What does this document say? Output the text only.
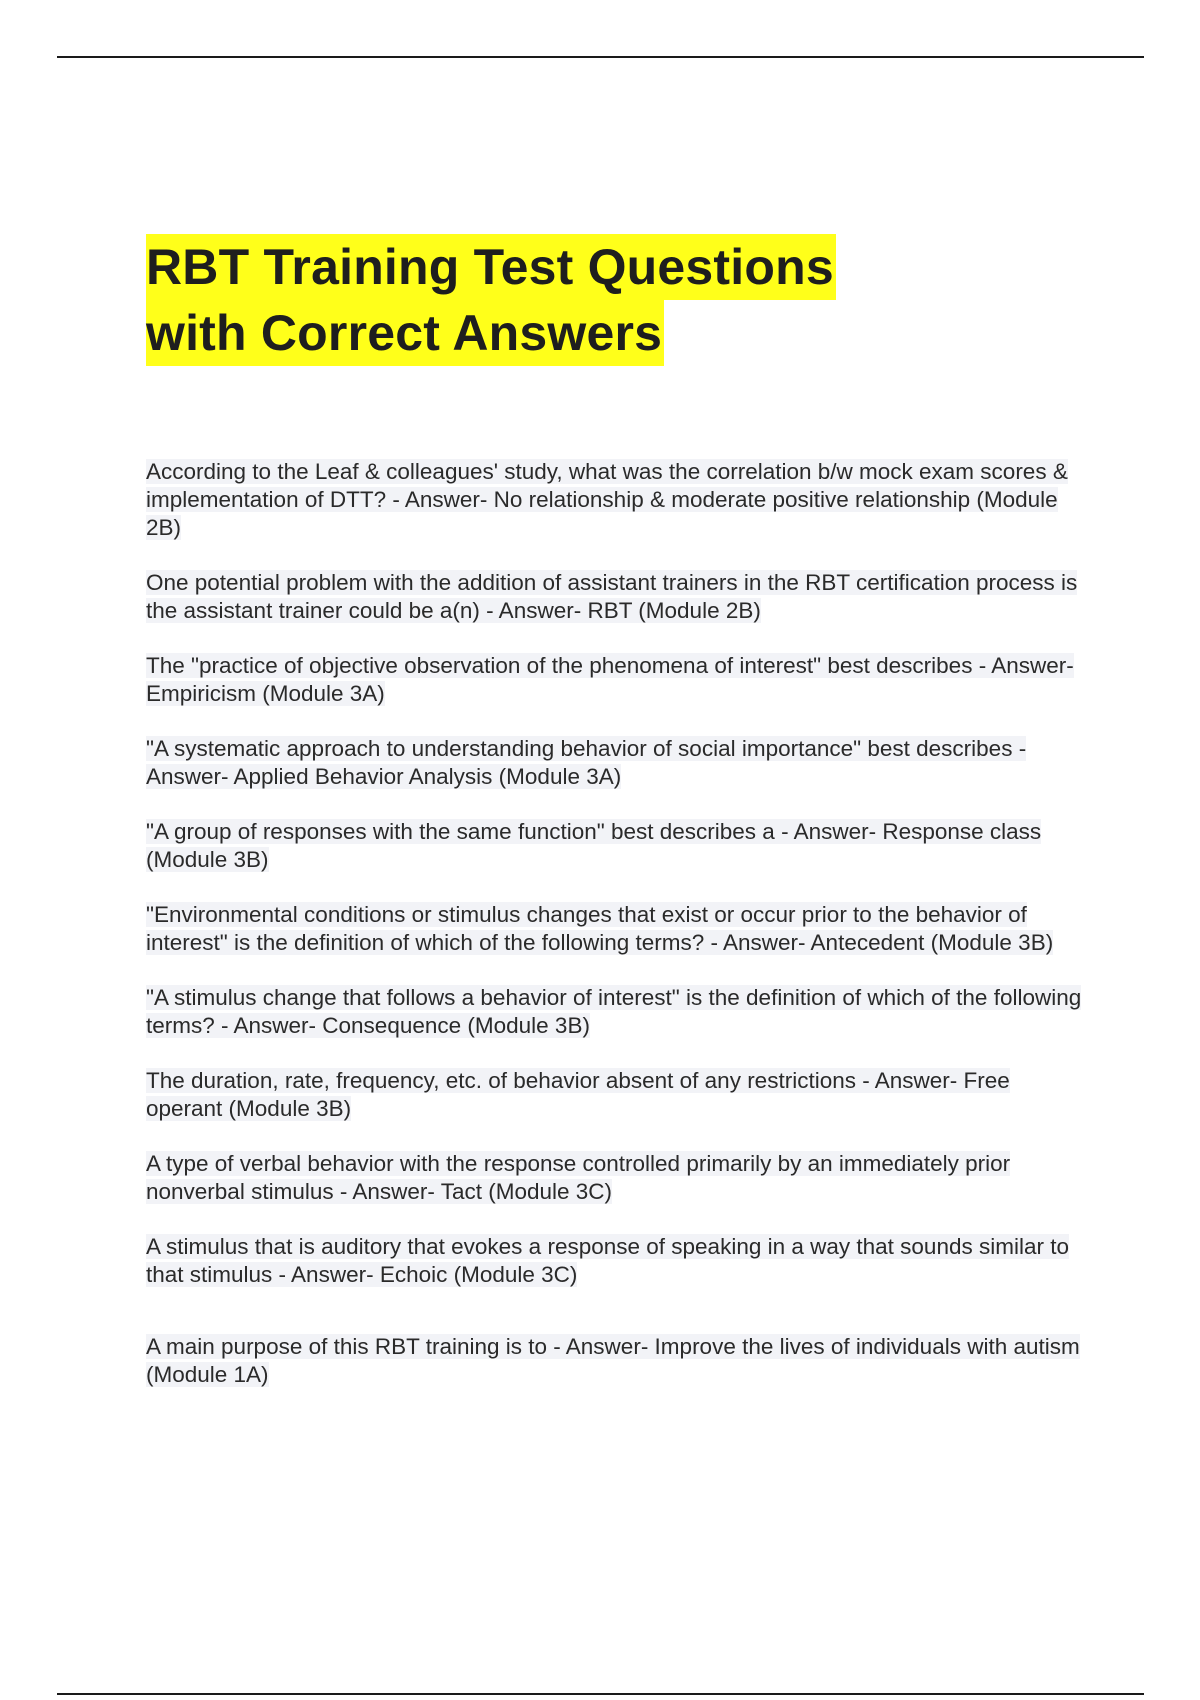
RBT Training Test Questions
with Correct Answers

According to the Leaf & colleagues' study, what was the correlation b/w mock exam scores & implementation of DTT? - Answer- No relationship & moderate positive relationship (Module 2B)

One potential problem with the addition of assistant trainers in the RBT certification process is the assistant trainer could be a(n) - Answer- RBT (Module 2B)

The "practice of objective observation of the phenomena of interest" best describes - Answer- Empiricism (Module 3A)

"A systematic approach to understanding behavior of social importance" best describes - Answer- Applied Behavior Analysis (Module 3A)

"A group of responses with the same function" best describes a - Answer- Response class (Module 3B)

"Environmental conditions or stimulus changes that exist or occur prior to the behavior of interest" is the definition of which of the following terms? - Answer- Antecedent (Module 3B)

"A stimulus change that follows a behavior of interest" is the definition of which of the following terms? - Answer- Consequence (Module 3B)

The duration, rate, frequency, etc. of behavior absent of any restrictions - Answer- Free operant (Module 3B)

A type of verbal behavior with the response controlled primarily by an immediately prior nonverbal stimulus - Answer- Tact (Module 3C)

A stimulus that is auditory that evokes a response of speaking in a way that sounds similar to that stimulus - Answer- Echoic (Module 3C)

A main purpose of this RBT training is to - Answer- Improve the lives of individuals with autism (Module 1A)
